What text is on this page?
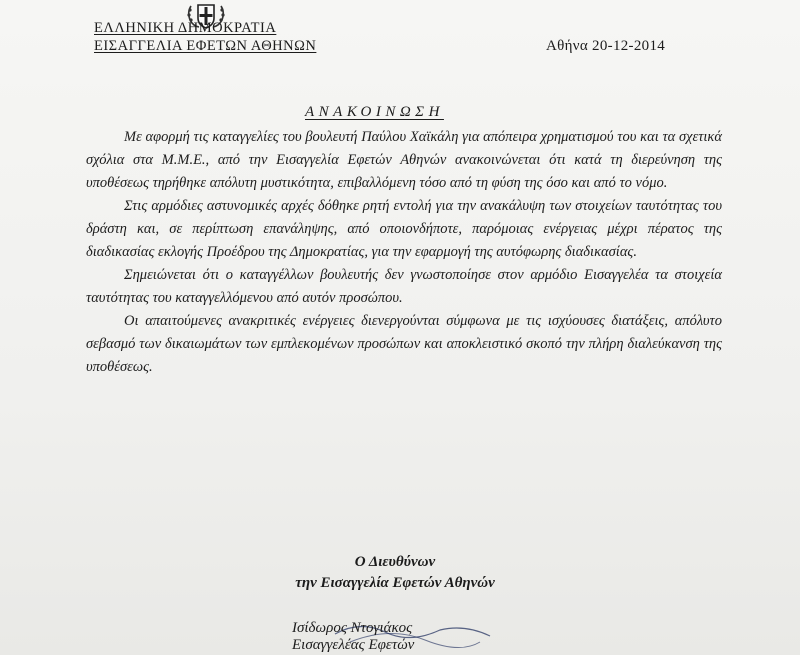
ΕΛΛΗΝΙΚΗ ΔΗΜΟΚΡΑΤΙΑ
ΕΙΣΑΓΓΕΛΙΑ ΕΦΕΤΩΝ ΑΘΗΝΩΝ	Αθήνα 20-12-2014
ΑΝΑΚΟΙΝΩΣΗ

Με αφορμή τις καταγγελίες του βουλευτή Παύλου Χαϊκάλη για απόπειρα χρηματισμού του και τα σχετικά σχόλια στα Μ.Μ.Ε., από την Εισαγγελία Εφετών Αθηνών ανακοινώνεται ότι κατά τη διερεύνηση της υποθέσεως τηρήθηκε απόλυτη μυστικότητα, επιβαλλόμενη τόσο από τη φύση της όσο και από το νόμο.

Στις αρμόδιες αστυνομικές αρχές δόθηκε ρητή εντολή για την ανακάλυψη των στοιχείων ταυτότητας του δράστη και, σε περίπτωση επανάληψης, από οποιονδήποτε, παρόμοιας ενέργειας μέχρι πέρατος της διαδικασίας εκλογής Προέδρου της Δημοκρατίας, για την εφαρμογή της αυτόφωρης διαδικασίας.

Σημειώνεται ότι ο καταγγέλλων βουλευτής δεν γνωστοποίησε στον αρμόδιο Εισαγγελέα τα στοιχεία ταυτότητας του καταγγελλόμενου από αυτόν προσώπου.

Οι απαιτούμενες ανακριτικές ενέργειες διενεργούνται σύμφωνα με τις ισχύουσες διατάξεις, απόλυτο σεβασμό των δικαιωμάτων των εμπλεκομένων προσώπων και αποκλειστικό σκοπό την πλήρη διαλεύκανση της υποθέσεως.

Ο Διευθύνων
την Εισαγγελία Εφετών Αθηνών
Ισίδωρος Ντογιάκος
Εισαγγελέας Εφετών
